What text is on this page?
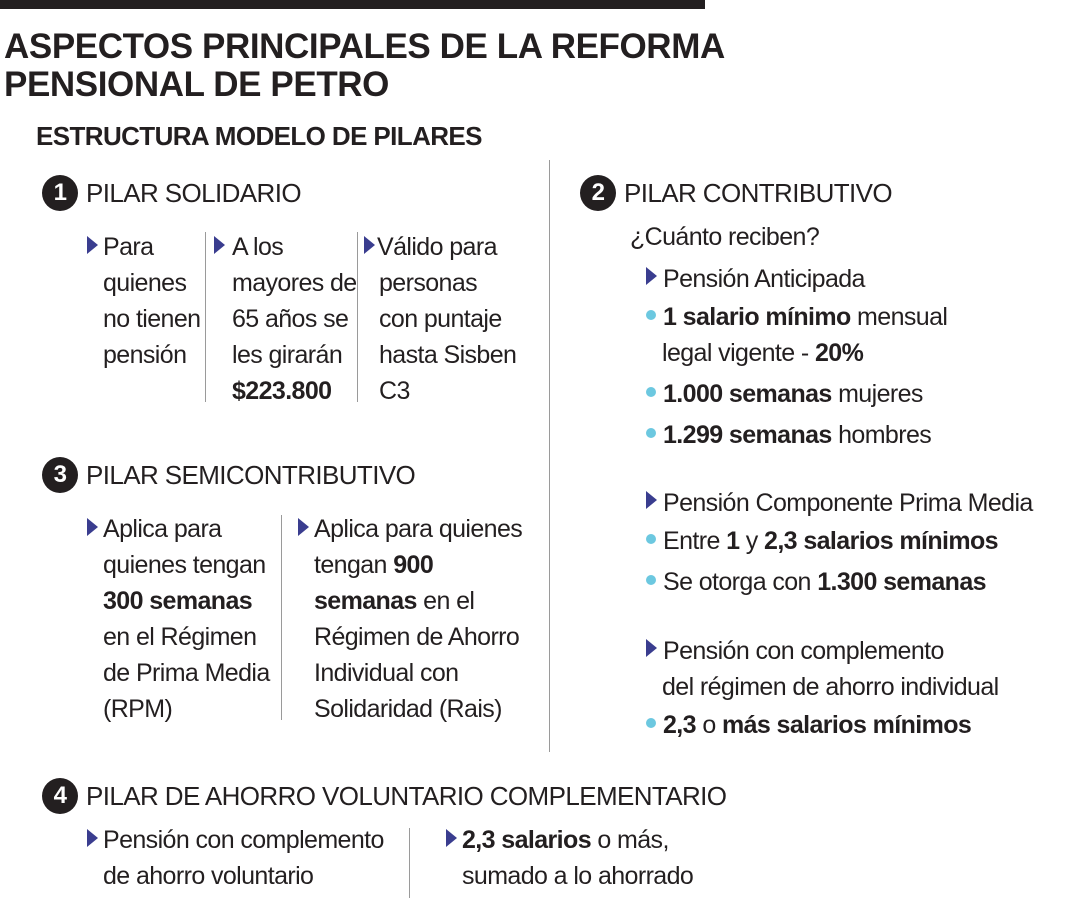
ASPECTOS PRINCIPALES DE LA REFORMA
PENSIONAL DE PETRO
ESTRUCTURA MODELO DE PILARES
1 PILAR SOLIDARIO
Para
quienes
no tienen
pensión
A los
mayores de
65 años se
les girarán
$223.800
Válido para
personas
con puntaje
hasta Sisben
C3
3 PILAR SEMICONTRIBUTIVO
Aplica para
quienes tengan
300 semanas
en el Régimen
de Prima Media
(RPM)
Aplica para quienes
tengan 900
semanas en el
Régimen de Ahorro
Individual con
Solidaridad (Rais)
2 PILAR CONTRIBUTIVO
¿Cuánto reciben?
Pensión Anticipada
1 salario mínimo mensual
legal vigente - 20%
1.000 semanas mujeres
1.299 semanas hombres
Pensión Componente Prima Media
Entre 1 y 2,3 salarios mínimos
Se otorga con 1.300 semanas
Pensión con complemento
del régimen de ahorro individual
2,3 o más salarios mínimos
4 PILAR DE AHORRO VOLUNTARIO COMPLEMENTARIO
Pensión con complemento
de ahorro voluntario
2,3 salarios o más,
sumado a lo ahorrado
